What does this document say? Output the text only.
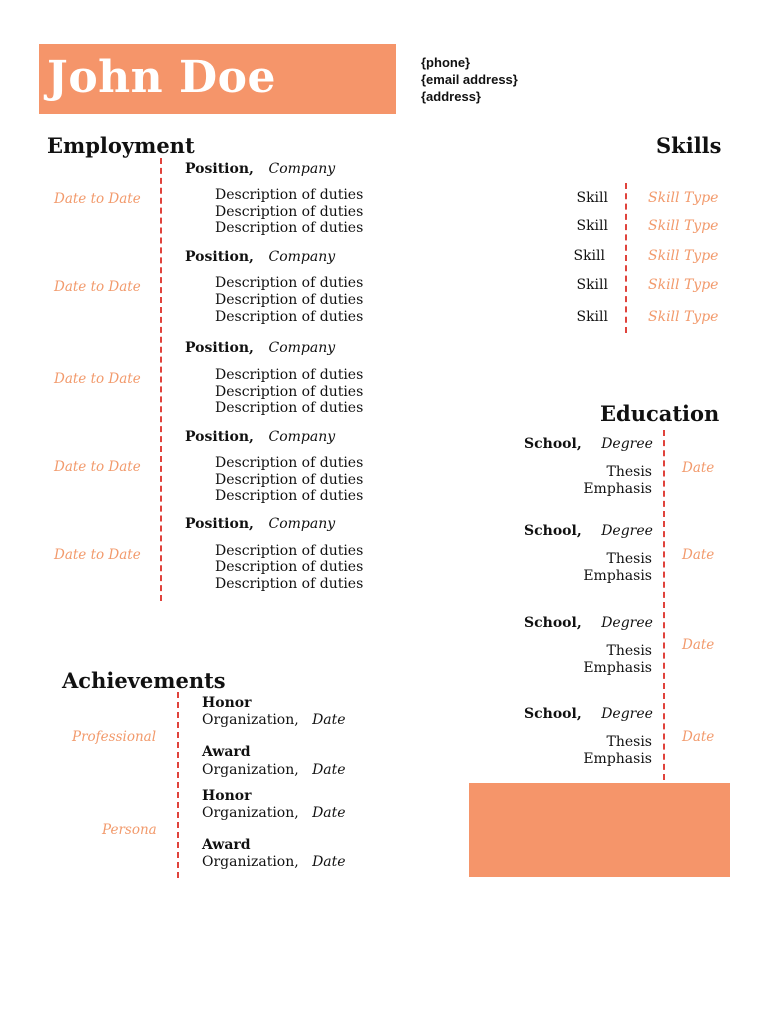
John Doe	{phone}
{email address}
{address}
Employment
Position,   Company
Date to Date	Description of duties
Description of duties
Description of duties
Position,   Company
Date to Date	Description of duties
Description of duties
Description of duties
Position,   Company
Date to Date	Description of duties
Description of duties
Description of duties
Position,   Company
Date to Date	Description of duties
Description of duties
Description of duties
Position,   Company
Date to Date	Description of duties
Description of duties
Description of duties
Skills
Skill	Skill Type
Skill	Skill Type
Skill	Skill Type
Skill	Skill Type
Skill	Skill Type
Education
School,    Degree
Thesis
Emphasis
Date
School,    Degree
Thesis
Emphasis
Date
School,    Degree
Thesis
Emphasis
Date
School,    Degree
Thesis
Emphasis
Date
Achievements
Professional
Honor
Organization,   Date
Award
Organization,   Date
Persona
Honor
Organization,   Date
Award
Organization,   Date
